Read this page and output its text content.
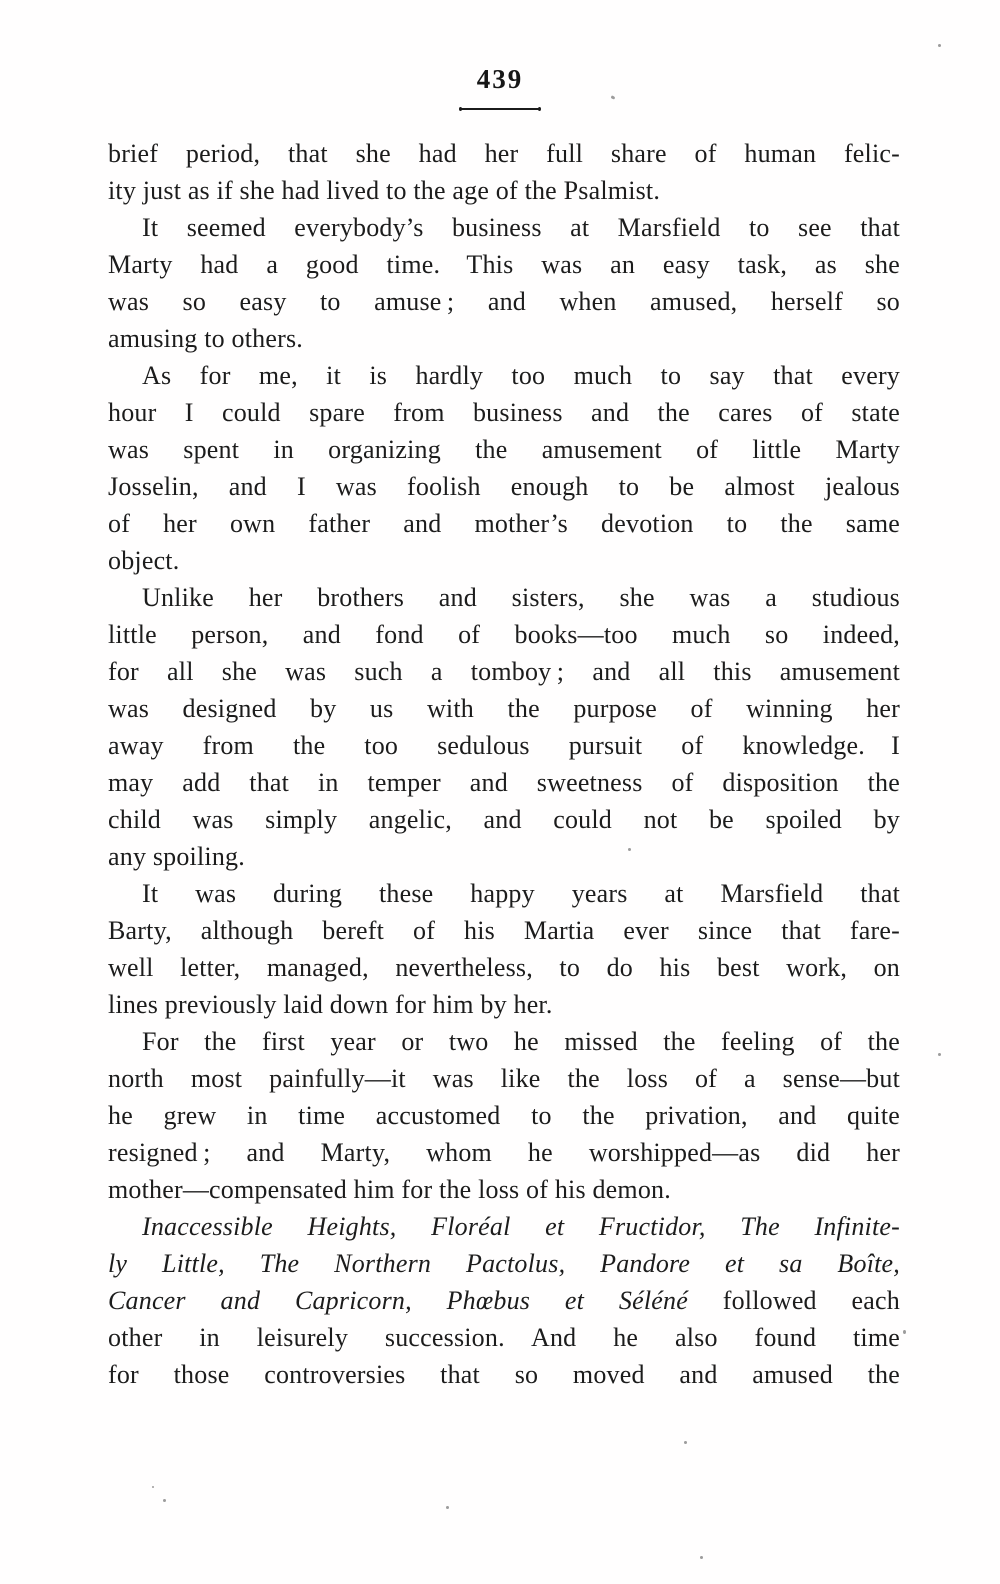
439

brief period, that she had her full share of human felic-
ity just as if she had lived to the age of the Psalmist.

It seemed everybody’s business at Marsfield to see that
Marty had a good time. This was an easy task, as she
was so easy to amuse ; and when amused, herself so
amusing to others.

As for me, it is hardly too much to say that every
hour I could spare from business and the cares of state
was spent in organizing the amusement of little Marty
Josselin, and I was foolish enough to be almost jealous
of her own father and mother’s devotion to the same
object.

Unlike her brothers and sisters, she was a studious
little person, and fond of books—too much so indeed,
for all she was such a tomboy ; and all this amusement
was designed by us with the purpose of winning her
away from the too sedulous pursuit of knowledge. I
may add that in temper and sweetness of disposition the
child was simply angelic, and could not be spoiled by
any spoiling.

It was during these happy years at Marsfield that
Barty, although bereft of his Martia ever since that fare-
well letter, managed, nevertheless, to do his best work, on
lines previously laid down for him by her.

For the first year or two he missed the feeling of the
north most painfully—it was like the loss of a sense—but
he grew in time accustomed to the privation, and quite
resigned ; and Marty, whom he worshipped—as did her
mother—compensated him for the loss of his demon.

Inaccessible Heights, Floréal et Fructidor, The Infinite-
ly Little, The Northern Pactolus, Pandore et sa Boîte,
Cancer and Capricorn, Phœbus et Séléné followed each
other in leisurely succession. And he also found time
for those controversies that so moved and amused the
